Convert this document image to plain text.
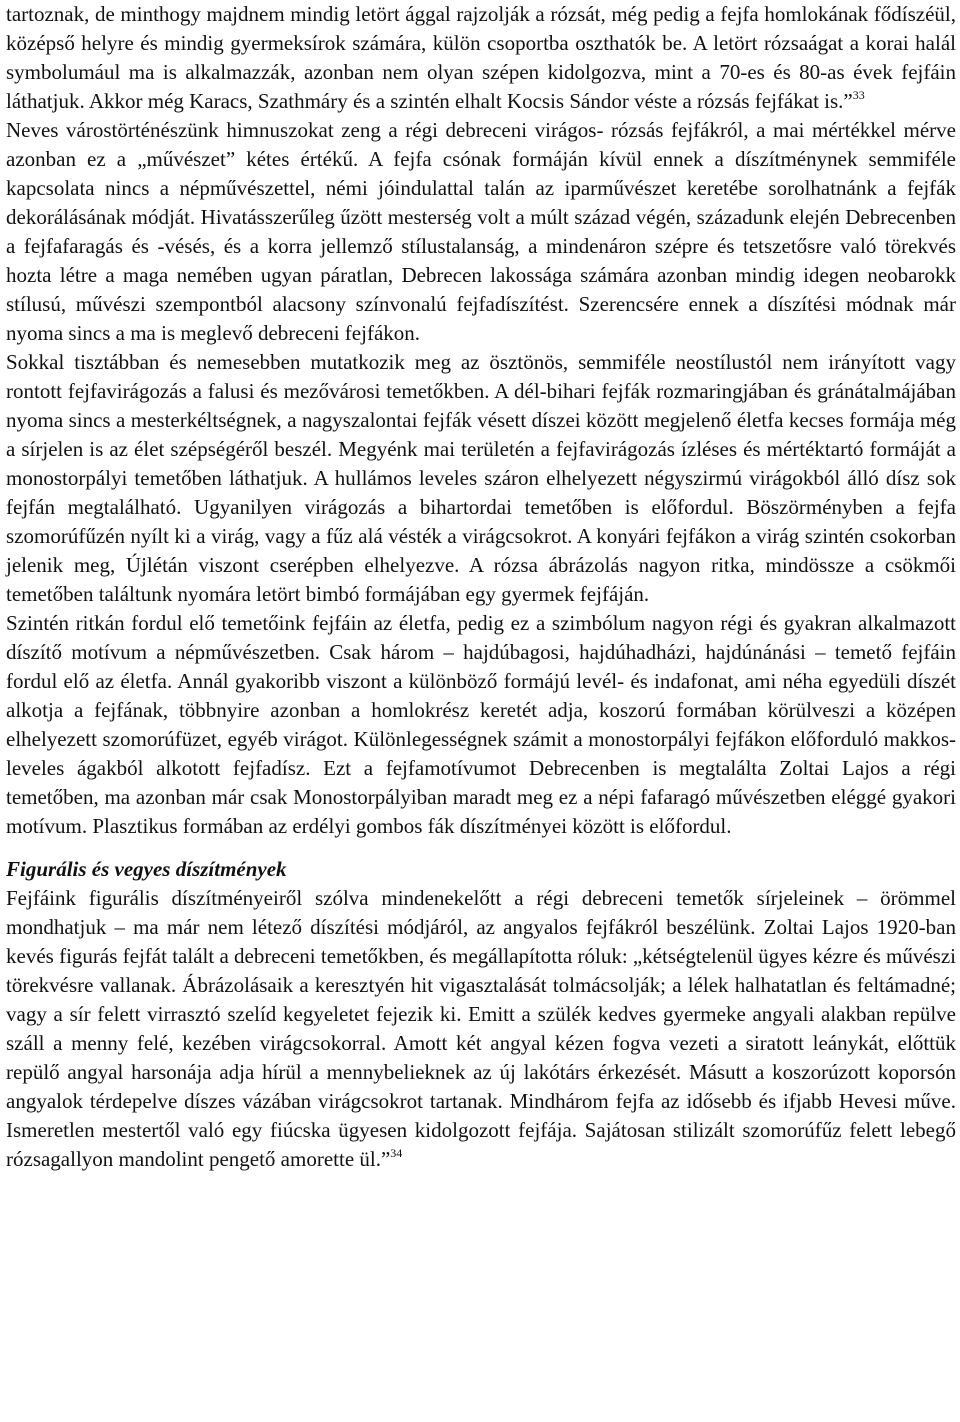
tartoznak, de minthogy majdnem mindig letört ággal rajzolják a rózsát, még pedig a fejfa homlokának fődíszéül, középső helyre és mindig gyermeksírok számára, külön csoportba oszthatók be. A letört rózsaágat a korai halál symbolumául ma is alkalmazzák, azonban nem olyan szépen kidolgozva, mint a 70-es és 80-as évek fejfáin láthatjuk. Akkor még Karacs, Szathmáry és a szintén elhalt Kocsis Sándor véste a rózsás fejfákat is.”$^{33}$
Neves várostörténészünk himnuszokat zeng a régi debreceni virágos- rózsás fejfákról, a mai mértékkel mérve azonban ez a „művészet” kétes értékű. A fejfa csónak formáján kívül ennek a díszítménynek semmiféle kapcsolata nincs a népművészettel, némi jóindulattal talán az iparművészet keretébe sorolhatnánk a fejfák dekorálásának módját. Hivatásszerűleg űzött mesterség volt a múlt század végén, századunk elején Debrecenben a fejfafaragás és -vésés, és a korra jellemző stílustalanság, a mindenáron szépre és tetszetősre való törekvés hozta létre a maga nemében ugyan páratlan, Debrecen lakossága számára azonban mindig idegen neobarokk stílusú, művészi szempontból alacsony színvonalú fejfadíszítést. Szerencsére ennek a díszítési módnak már nyoma sincs a ma is meglevő debreceni fejfákon.

Sokkal tisztábban és nemesebben mutatkozik meg az ösztönös, semmiféle neostílustól nem irányított vagy rontott fejfavirágozás a falusi és mezővárosi temetőkben. A dél-bihari fejfák rozmaringjában és gránátalmájában nyoma sincs a mesterkéltségnek, a nagyszalontai fejfák vésett díszei között megjelenő életfa kecses formája még a sírjelen is az élet szépségéről beszél. Megyénk mai területén a fejfavirágozás ízléses és mértéktartó formáját a monostorpályi temetőben láthatjuk. A hullámos leveles száron elhelyezett négyszirmú virágokból álló dísz sok fejfán megtalálható. Ugyanilyen virágozás a bihartordai temetőben is előfordul. Böszörményben a fejfa szomorúfűzén nyílt ki a virág, vagy a fűz alá vésték a virágcsokrot. A konyári fejfákon a virág szintén csokorban jelenik meg, Újlétán viszont cserépben elhelyezve. A rózsa ábrázolás nagyon ritka, mindössze a csökmői temetőben találtunk nyomára letört bimbó formájában egy gyermek fejfáján.

Szintén ritkán fordul elő temetőink fejfáin az életfa, pedig ez a szimbólum nagyon régi és gyakran alkalmazott díszítő motívum a népművészetben. Csak három – hajdúbagosi, hajdúhadházi, hajdúnánási – temető fejfáin fordul elő az életfa. Annál gyakoribb viszont a különböző formájú levél- és indafonat, ami néha egyedüli díszét alkotja a fejfának, többnyire azonban a homlokrész keretét adja, koszorú formában körülveszi a középen elhelyezett szomorúfüzet, egyéb virágot. Különlegességnek számit a monostorpályi fejfákon előforduló makkos-leveles ágakból alkotott fejfadísz. Ezt a fejfamotívumot Debrecenben is megtalálta Zoltai Lajos a régi temetőben, ma azonban már csak Monostorpályiban maradt meg ez a népi fafaragó művészetben eléggé gyakori motívum. Plasztikus formában az erdélyi gombos fák díszítményei között is előfordul.

Figurális és vegyes díszítmények

Fejfáink figurális díszítményeiről szólva mindenekelőtt a régi debreceni temetők sírjeleinek – örömmel mondhatjuk – ma már nem létező díszítési módjáról, az angyalos fejfákról beszélünk. Zoltai Lajos 1920-ban kevés figurás fejfát talált a debreceni temetőkben, és megállapította róluk: „kétségtelenül ügyes kézre és művészi törekvésre vallanak. Ábrázolásaik a keresztyén hit vigasztalását tolmácsolják; a lélek halhatatlan és feltámadné; vagy a sír felett virrasztó szelíd kegyeletet fejezik ki. Emitt a szülék kedves gyermeke angyali alakban repülve száll a menny felé, kezében virágcsokorral. Amott két angyal kézen fogva vezeti a siratott leánykát, előttük repülő angyal harsonája adja hírül a mennybelieknek az új lakótárs érkezését. Másutt a koszorúzott koporsón angyalok térdepelve díszes vázában virágcsokrot tartanak. Mindhárom fejfa az idősebb és ifjabb Hevesi műve. Ismeretlen mestertől való egy fiúcska ügyesen kidolgozott fejfája. Sajátosan stilizált szomorúfűz felett lebegő rózsagallyon mandolint pengető amorette ül.”$^{34}$
